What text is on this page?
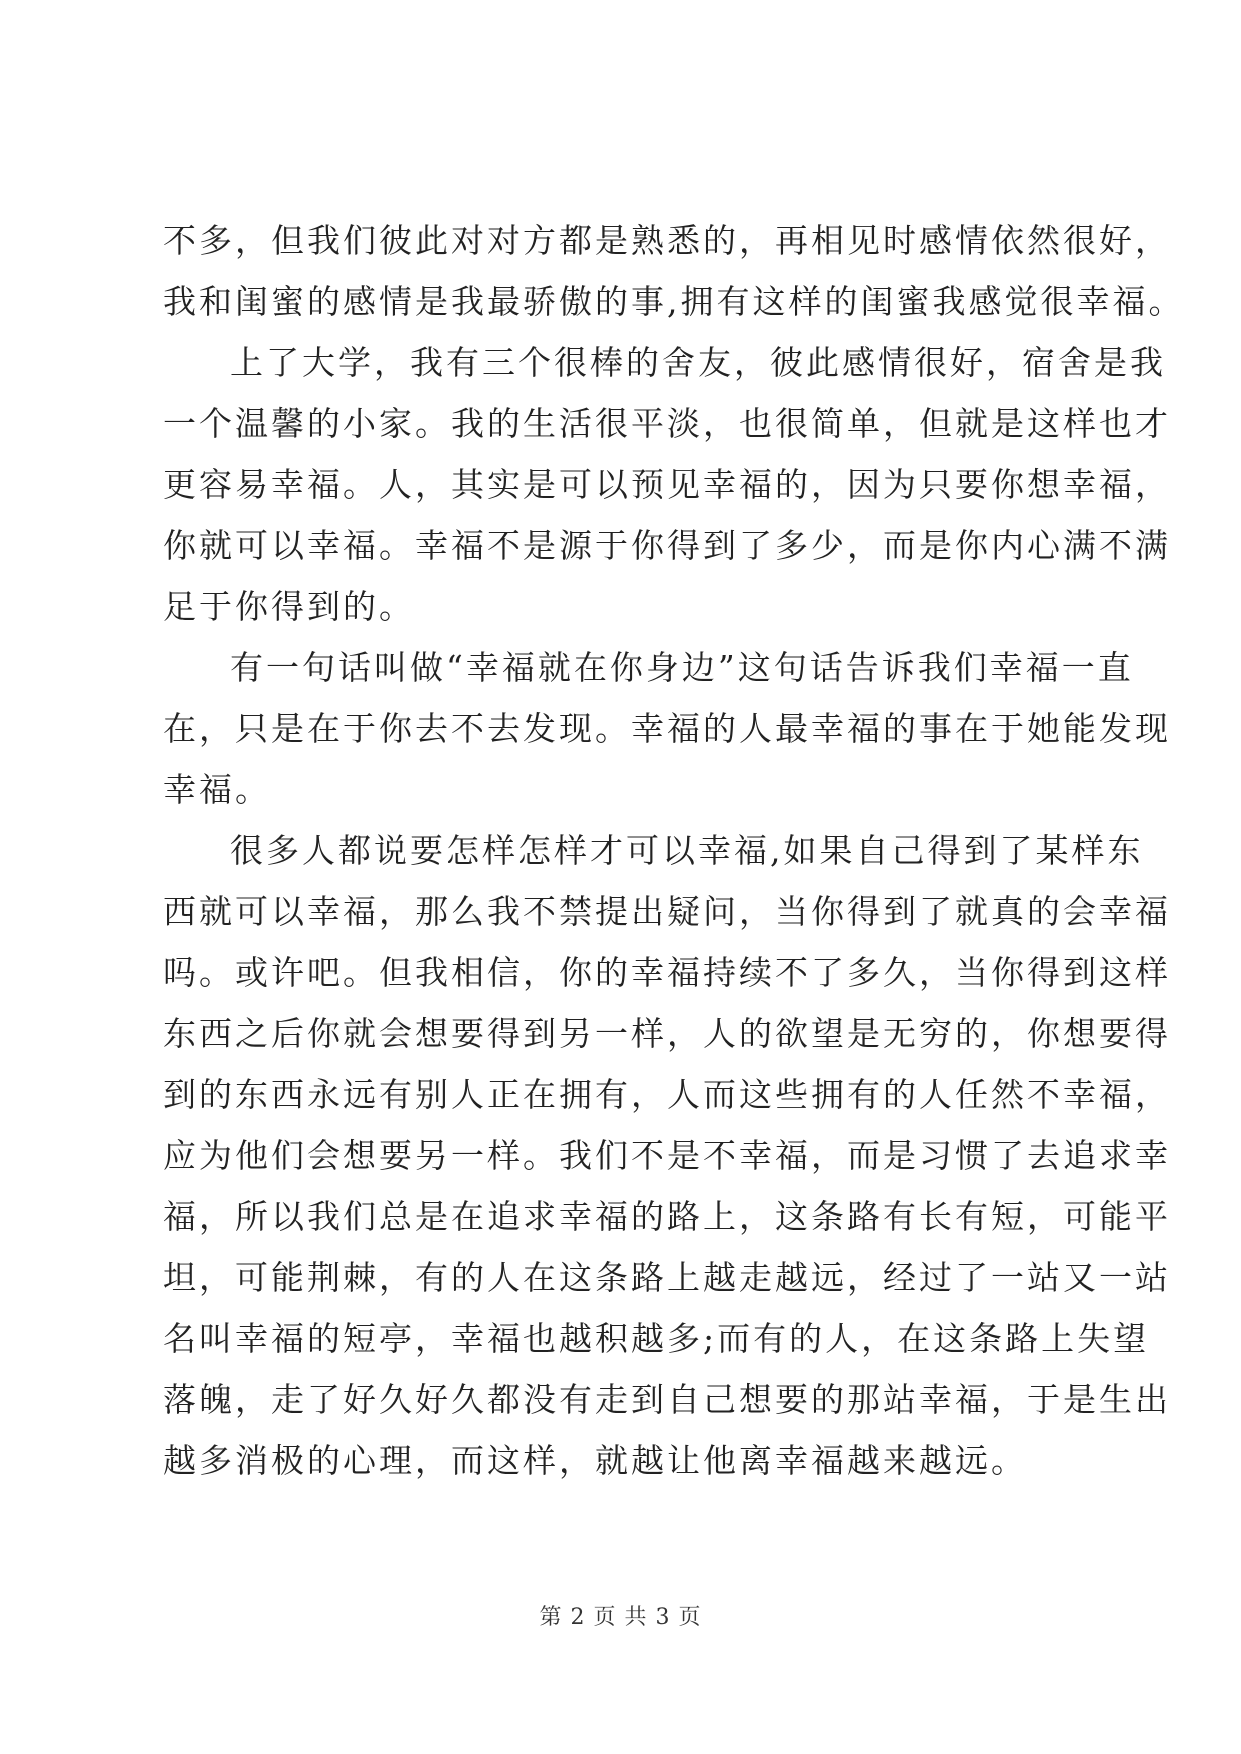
不多，但我们彼此对对方都是熟悉的，再相见时感情依然很好，
我和闺蜜的感情是我最骄傲的事,拥有这样的闺蜜我感觉很幸福。
上了大学，我有三个很棒的舍友，彼此感情很好，宿舍是我
一个温馨的小家。我的生活很平淡，也很简单，但就是这样也才
更容易幸福。人，其实是可以预见幸福的，因为只要你想幸福，
你就可以幸福。幸福不是源于你得到了多少，而是你内心满不满
足于你得到的。
有一句话叫做“幸福就在你身边”这句话告诉我们幸福一直
在，只是在于你去不去发现。幸福的人最幸福的事在于她能发现
幸福。
很多人都说要怎样怎样才可以幸福,如果自己得到了某样东
西就可以幸福，那么我不禁提出疑问，当你得到了就真的会幸福
吗。或许吧。但我相信，你的幸福持续不了多久，当你得到这样
东西之后你就会想要得到另一样，人的欲望是无穷的，你想要得
到的东西永远有别人正在拥有，人而这些拥有的人任然不幸福，
应为他们会想要另一样。我们不是不幸福，而是习惯了去追求幸
福，所以我们总是在追求幸福的路上，这条路有长有短，可能平
坦，可能荆棘，有的人在这条路上越走越远，经过了一站又一站
名叫幸福的短亭，幸福也越积越多;而有的人，在这条路上失望
落魄，走了好久好久都没有走到自己想要的那站幸福，于是生出
越多消极的心理，而这样，就越让他离幸福越来越远。
第 2 页 共 3 页
